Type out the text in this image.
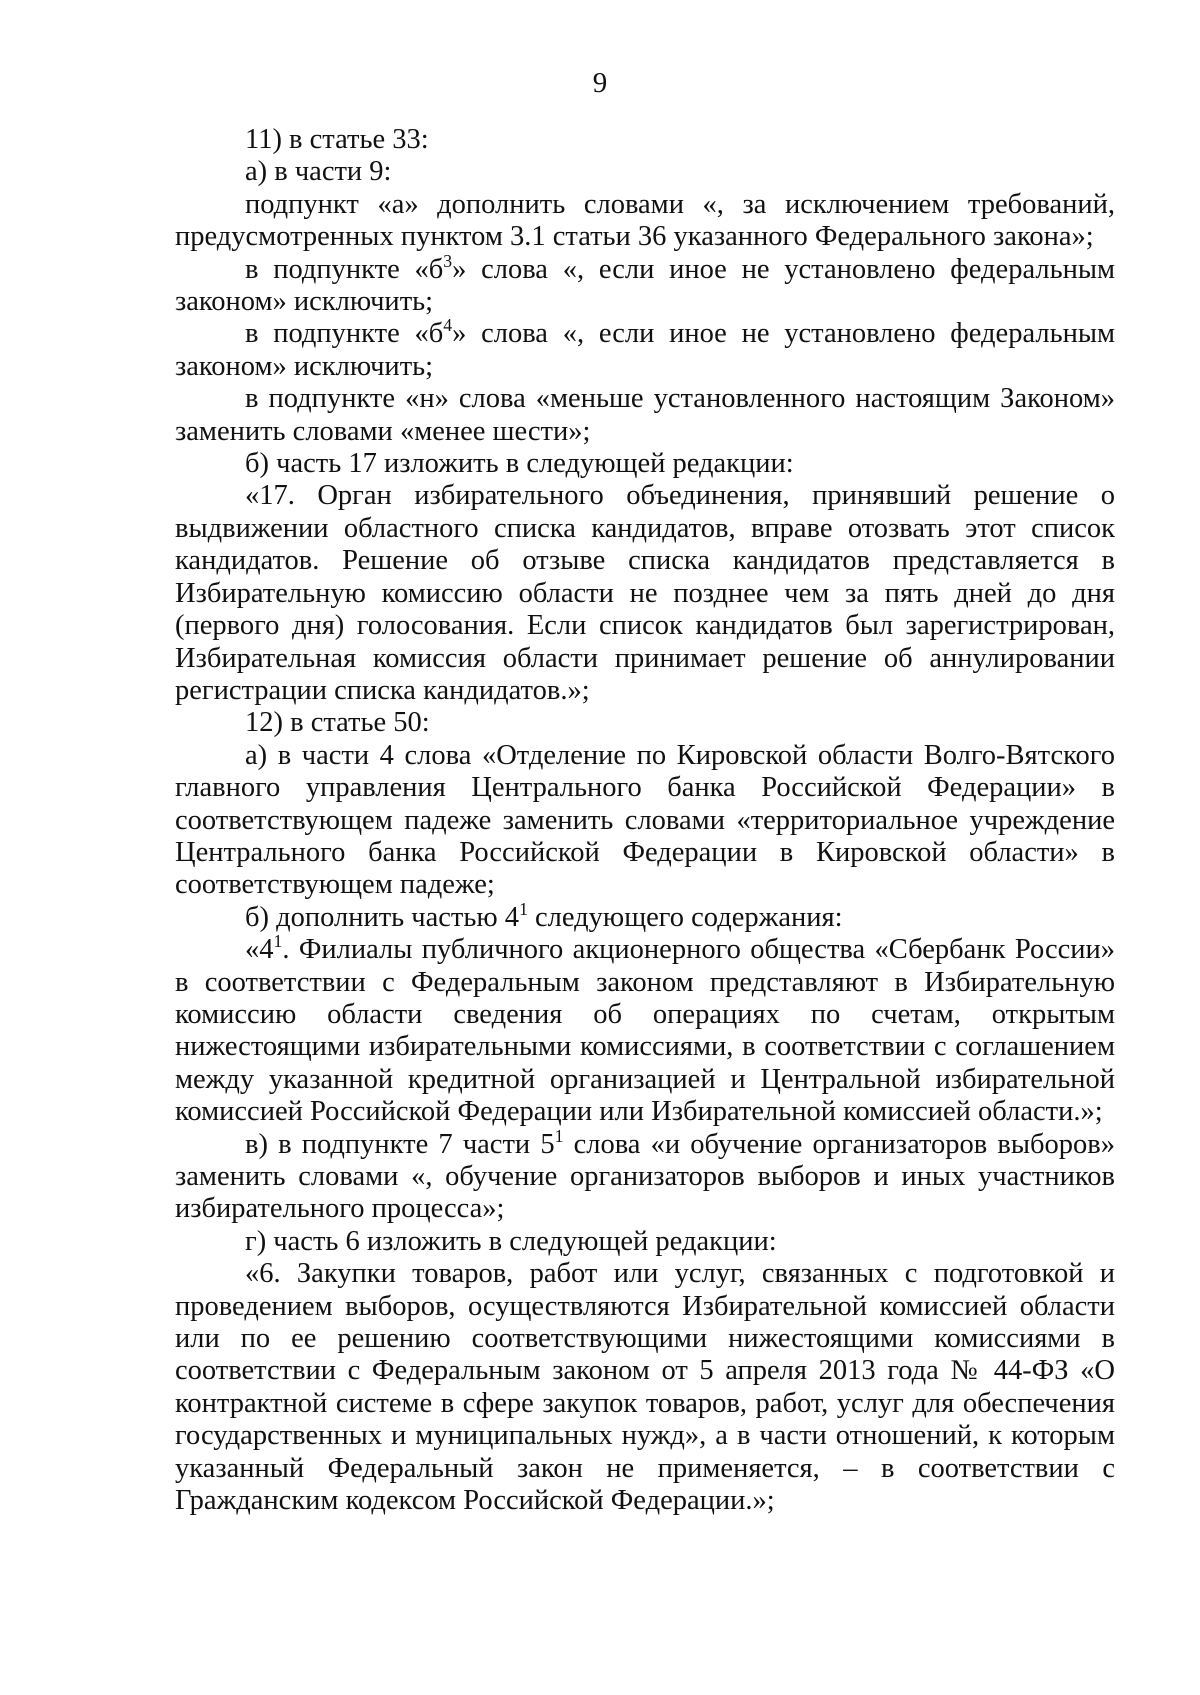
9

11) в статье 33:

а) в части 9:

подпункт «а» дополнить словами «, за исключением требований, предусмотренных пунктом 3.1 статьи 36 указанного Федерального закона»;

в подпункте «$б^3$» слова «, если иное не установлено федеральным законом» исключить;

в подпункте «$б^4$» слова «, если иное не установлено федеральным законом» исключить;

в подпункте «н» слова «меньше установленного настоящим Законом» заменить словами «менее шести»;

б) часть 17 изложить в следующей редакции:

«17. Орган избирательного объединения, принявший решение о выдвижении областного списка кандидатов, вправе отозвать этот список кандидатов. Решение об отзыве списка кандидатов представляется в Избирательную комиссию области не позднее чем за пять дней до дня (первого дня) голосования. Если список кандидатов был зарегистрирован, Избирательная комиссия области принимает решение об аннулировании регистрации списка кандидатов.»;

12) в статье 50:

а) в части 4 слова «Отделение по Кировской области Волго-Вятского главного управления Центрального банка Российской Федерации» в соответствующем падеже заменить словами «территориальное учреждение Центрального банка Российской Федерации в Кировской области» в соответствующем падеже;

б) дополнить частью $4^1$ следующего содержания:

«$4^1$. Филиалы публичного акционерного общества «Сбербанк России» в соответствии с Федеральным законом представляют в Избирательную комиссию области сведения об операциях по счетам, открытым нижестоящими избирательными комиссиями, в соответствии с соглашением между указанной кредитной организацией и Центральной избирательной комиссией Российской Федерации или Избирательной комиссией области.»;

в) в подпункте 7 части $5^1$ слова «и обучение организаторов выборов» заменить словами «, обучение организаторов выборов и иных участников избирательного процесса»;

г) часть 6 изложить в следующей редакции:

«6. Закупки товаров, работ или услуг, связанных с подготовкой и проведением выборов, осуществляются Избирательной комиссией области или по ее решению соответствующими нижестоящими комиссиями в соответствии с Федеральным законом от 5 апреля 2013 года № 44-ФЗ «О контрактной системе в сфере закупок товаров, работ, услуг для обеспечения государственных и муниципальных нужд», а в части отношений, к которым указанный Федеральный закон не применяется, – в соответствии с Гражданским кодексом Российской Федерации.»;
